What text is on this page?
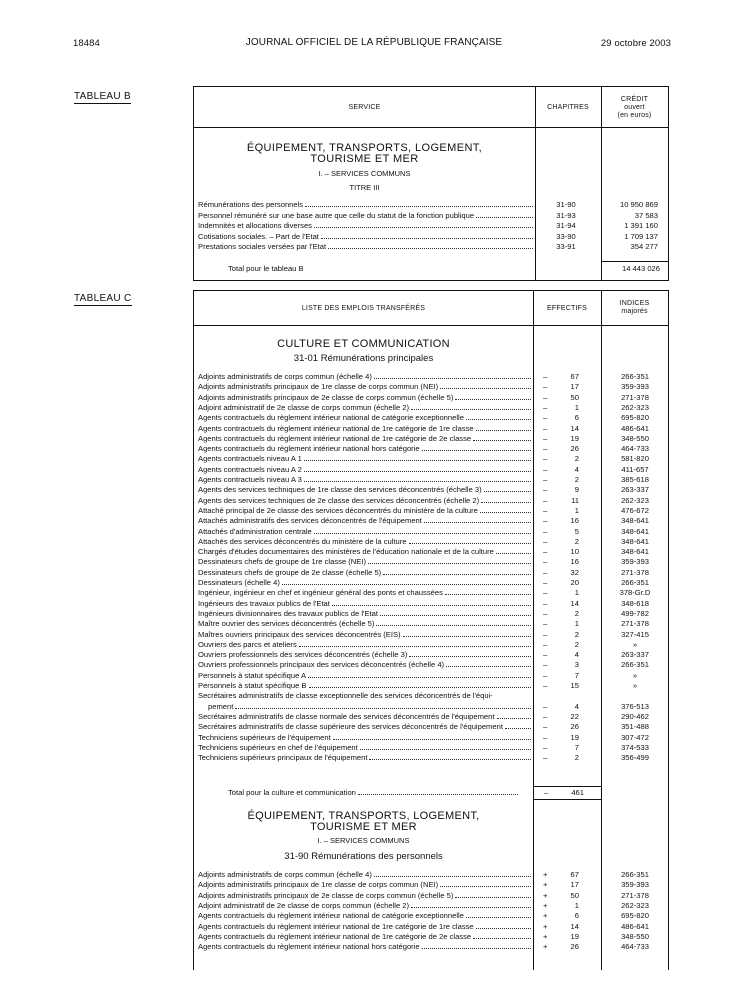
18484	JOURNAL OFFICIEL DE LA RÉPUBLIQUE FRANÇAISE	29 octobre 2003
TABLEAU B
SERVICE	CHAPITRES
CRÉDIT
ouvert
(en euros)
ÉQUIPEMENT, TRANSPORTS, LOGEMENT,
TOURISME ET MER
I. – SERVICES COMMUNS
TITRE III
Rémunérations des personnels	31-90	10 950 869
Personnel rémunéré sur une base autre que celle du statut de la fonction publique	31-93	37 583
Indemnités et allocations diverses	31-94	1 391 160
Cotisations sociales. – Part de l'Etat	33-90	1 709 137
Prestations sociales versées par l'Etat	33-91	354 277
Total pour le tableau B	14 443 026
TABLEAU C
LISTE DES EMPLOIS TRANSFÉRÉS	EFFECTIFS
INDICES
majorés
CULTURE ET COMMUNICATION
31-01 Rémunérations principales
Adjoints administratifs de corps commun (échelle 4)	–	67	266-351
Adjoints administratifs principaux de 1re classe de corps commun (NEI)	–	17	359-393
Adjoints administratifs principaux de 2e classe de corps commun (échelle 5)	–	50	271-378
Adjoint administratif de 2e classe de corps commun (échelle 2)	–	1	262-323
Agents contractuels du règlement intérieur national de catégorie exceptionnelle	–	6	695-820
Agents contractuels du règlement intérieur national de 1re catégorie de 1re classe	–	14	486-641
Agents contractuels du règlement intérieur national de 1re catégorie de 2e classe	–	19	348-550
Agents contractuels du règlement intérieur national hors catégorie	–	26	464-733
Agents contractuels niveau A 1	–	2	581-820
Agents contractuels niveau A 2	–	4	411-657
Agents contractuels niveau A 3	–	2	385-618
Agents des services techniques de 1re classe des services déconcentrés (échelle 3)	–	9	263-337
Agents des services techniques de 2e classe des services déconcentrés (échelle 2)	–	11	262-323
Attaché principal de 2e classe des services déconcentrés du ministère de la culture	–	1	476-672
Attachés administratifs des services déconcentrés de l'équipement	–	16	348-641
Attachés d'administration centrale	–	5	348-641
Attachés des services déconcentrés du ministère de la culture	–	2	348-641
Chargés d'études documentaires des ministères de l'éducation nationale et de la culture	–	10	348-641
Dessinateurs chefs de groupe de 1re classe (NEI)	–	16	359-393
Dessinateurs chefs de groupe de 2e classe (échelle 5)	–	32	271-378
Dessinateurs (échelle 4)	–	20	266-351
Ingénieur, ingénieur en chef et ingénieur général des ponts et chaussées	–	1	378-Gr.D
Ingénieurs des travaux publics de l'Etat	–	14	348-618
Ingénieurs divisionnaires des travaux publics de l'Etat	–	2	499-782
Maître ouvrier des services déconcentrés (échelle 5)	–	1	271-378
Maîtres ouvriers principaux des services déconcentrés (EIS)	–	2	327-415
Ouvriers des parcs et ateliers	–	2	»
Ouvriers professionnels des services déconcentrés (échelle 3)	–	4	263-337
Ouvriers professionnels principaux des services déconcentrés (échelle 4)	–	3	266-351
Personnels à statut spécifique A	–	7	»
Personnels à statut spécifique B	–	15	»
Secrétaires administratifs de classe exceptionnelle des services déconcentrés de l'équi-
pement	–	4	376-513
Secrétaires administratifs de classe normale des services déconcentrés de l'équipement	–	22	290-462
Secrétaires administratifs de classe supérieure des services déconcentrés de l'équipement	–	26	351-488
Techniciens supérieurs de l'équipement	–	19	307-472
Techniciens supérieurs en chef de l'équipement	–	7	374-533
Techniciens supérieurs principaux de l'équipement	–	2	356-499
Total pour la culture et communication	–	461
ÉQUIPEMENT, TRANSPORTS, LOGEMENT,
TOURISME ET MER
I. – SERVICES COMMUNS
31-90 Rémunérations des personnels
Adjoints administratifs de corps commun (échelle 4)	+	67	266-351
Adjoints administratifs principaux de 1re classe de corps commun (NEI)	+	17	359-393
Adjoints administratifs principaux de 2e classe de corps commun (échelle 5)	+	50	271-378
Adjoint administratif de 2e classe de corps commun (échelle 2)	+	1	262-323
Agents contractuels du règlement intérieur national de catégorie exceptionnelle	+	6	695-820
Agents contractuels du règlement intérieur national de 1re catégorie de 1re classe	+	14	486-641
Agents contractuels du règlement intérieur national de 1re catégorie de 2e classe	+	19	348-550
Agents contractuels du règlement intérieur national hors catégorie	+	26	464-733
